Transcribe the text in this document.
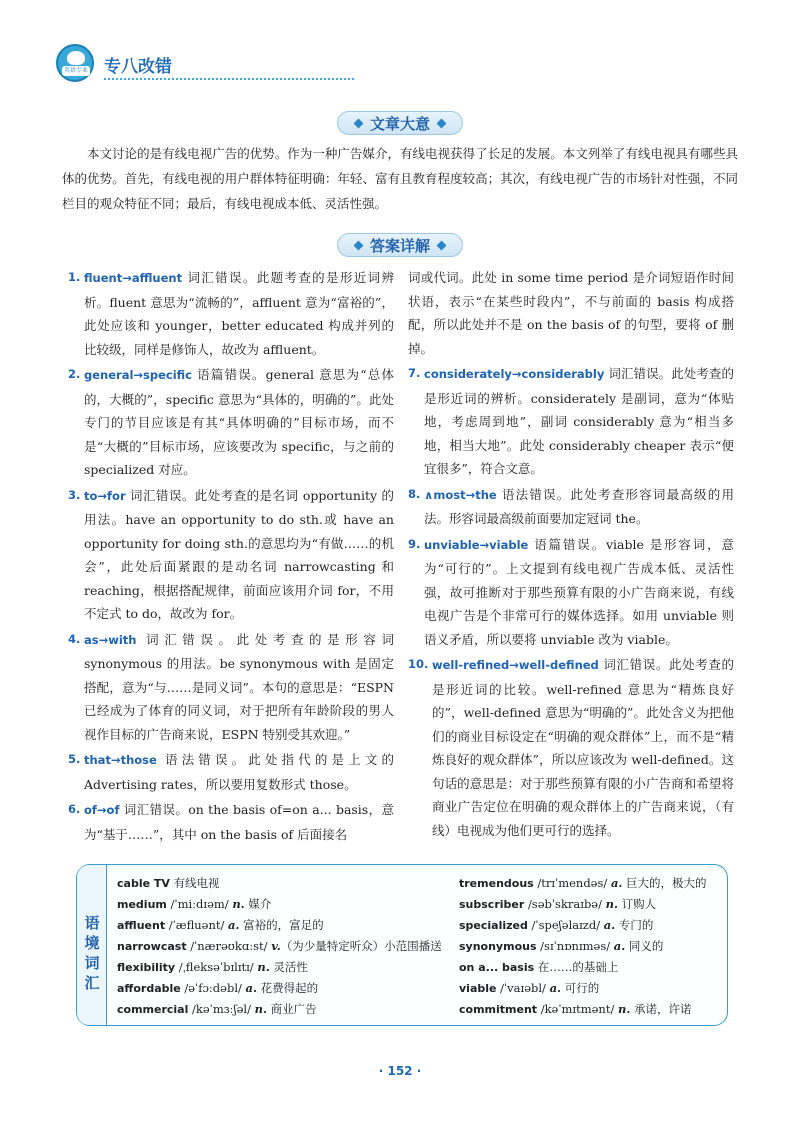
英语专业 专八改错
文章大意
本文讨论的是有线电视广告的优势。作为一种广告媒介，有线电视获得了长足的发展。本文列举了有线电视具有哪些具体的优势。首先，有线电视的用户群体特征明确：年轻、富有且教育程度较高；其次，有线电视广告的市场针对性强，不同栏目的观众特征不同；最后，有线电视成本低、灵活性强。
答案详解
1. fluent→affluent 词汇错误。此题考查的是形近词辨析。fluent 意思为“流畅的”，affluent 意为“富裕的”，此处应该和 younger，better educated 构成并列的比较级，同样是修饰人，故改为 affluent。
2. general→specific 语篇错误。general 意思为“总体的，大概的”，specific 意思为“具体的，明确的”。此处专门的节目应该是有其“具体明确的”目标市场，而不是“大概的”目标市场，应该要改为 specific，与之前的 specialized 对应。
3. to→for 词汇错误。此处考查的是名词 opportunity 的用法。have an opportunity to do sth.或 have an opportunity for doing sth.的意思均为“有做……的机会”，此处后面紧跟的是动名词 narrowcasting 和 reaching，根据搭配规律，前面应该用介词 for，不用不定式 to do，故改为 for。
4. as→with 词汇错误。此处考查的是形容词 synonymous 的用法。be synonymous with 是固定搭配，意为“与……是同义词”。本句的意思是：“ESPN 已经成为了体育的同义词，对于把所有年龄阶段的男人视作目标的广告商来说，ESPN 特别受其欢迎。”
5. that→those 语法错误。此处指代的是上文的 Advertising rates，所以要用复数形式 those。
6. of→of 词汇错误。on the basis of=on a... basis，意为“基于……”，其中 on the basis of 后面接名
词或代词。此处 in some time period 是介词短语作时间状语，表示“在某些时段内”，不与前面的 basis 构成搭配，所以此处并不是 on the basis of 的句型，要将 of 删掉。
7. considerately→considerably 词汇错误。此处考查的是形近词的辨析。considerately 是副词，意为“体贴地，考虑周到地”，副词 considerably 意为“相当多地，相当大地”。此处 considerably cheaper 表示“便宜很多”，符合文意。
8. ∧most→the 语法错误。此处考查形容词最高级的用法。形容词最高级前面要加定冠词 the。
9. unviable→viable 语篇错误。viable 是形容词，意为“可行的”。上文提到有线电视广告成本低、灵活性强，故可推断对于那些预算有限的小广告商来说，有线电视广告是个非常可行的媒体选择。如用 unviable 则语义矛盾，所以要将 unviable 改为 viable。
10. well-refined→well-defined 词汇错误。此处考查的是形近词的比较。well-refined 意思为“精炼良好的”，well-defined 意思为“明确的”。此处含义为把他们的商业目标设定在“明确的观众群体”上，而不是“精炼良好的观众群体”，所以应该改为 well-defined。这句话的意思是：对于那些预算有限的小广告商和希望将商业广告定位在明确的观众群体上的广告商来说，（有线）电视成为他们更可行的选择。
语境词汇
cable TV 有线电视
medium /ˈmiːdɪəm/ n. 媒介
affluent /ˈæfluənt/ a. 富裕的，富足的
narrowcast /ˈnærəʊkɑːst/ v.（为少量特定听众）小范围播送
flexibility /ˌfleksəˈbɪlɪtɪ/ n. 灵活性
affordable /əˈfɔːdəbl/ a. 花费得起的
commercial /kəˈmɜːʃəl/ n. 商业广告
tremendous /trɪˈmendəs/ a. 巨大的，极大的
subscriber /səbˈskraɪbə/ n. 订购人
specialized /ˈspeʃəlaɪzd/ a. 专门的
synonymous /sɪˈnɒnɪməs/ a. 同义的
on a... basis 在……的基础上
viable /ˈvaɪəbl/ a. 可行的
commitment /kəˈmɪtmənt/ n. 承诺，许诺
· 152 ·
